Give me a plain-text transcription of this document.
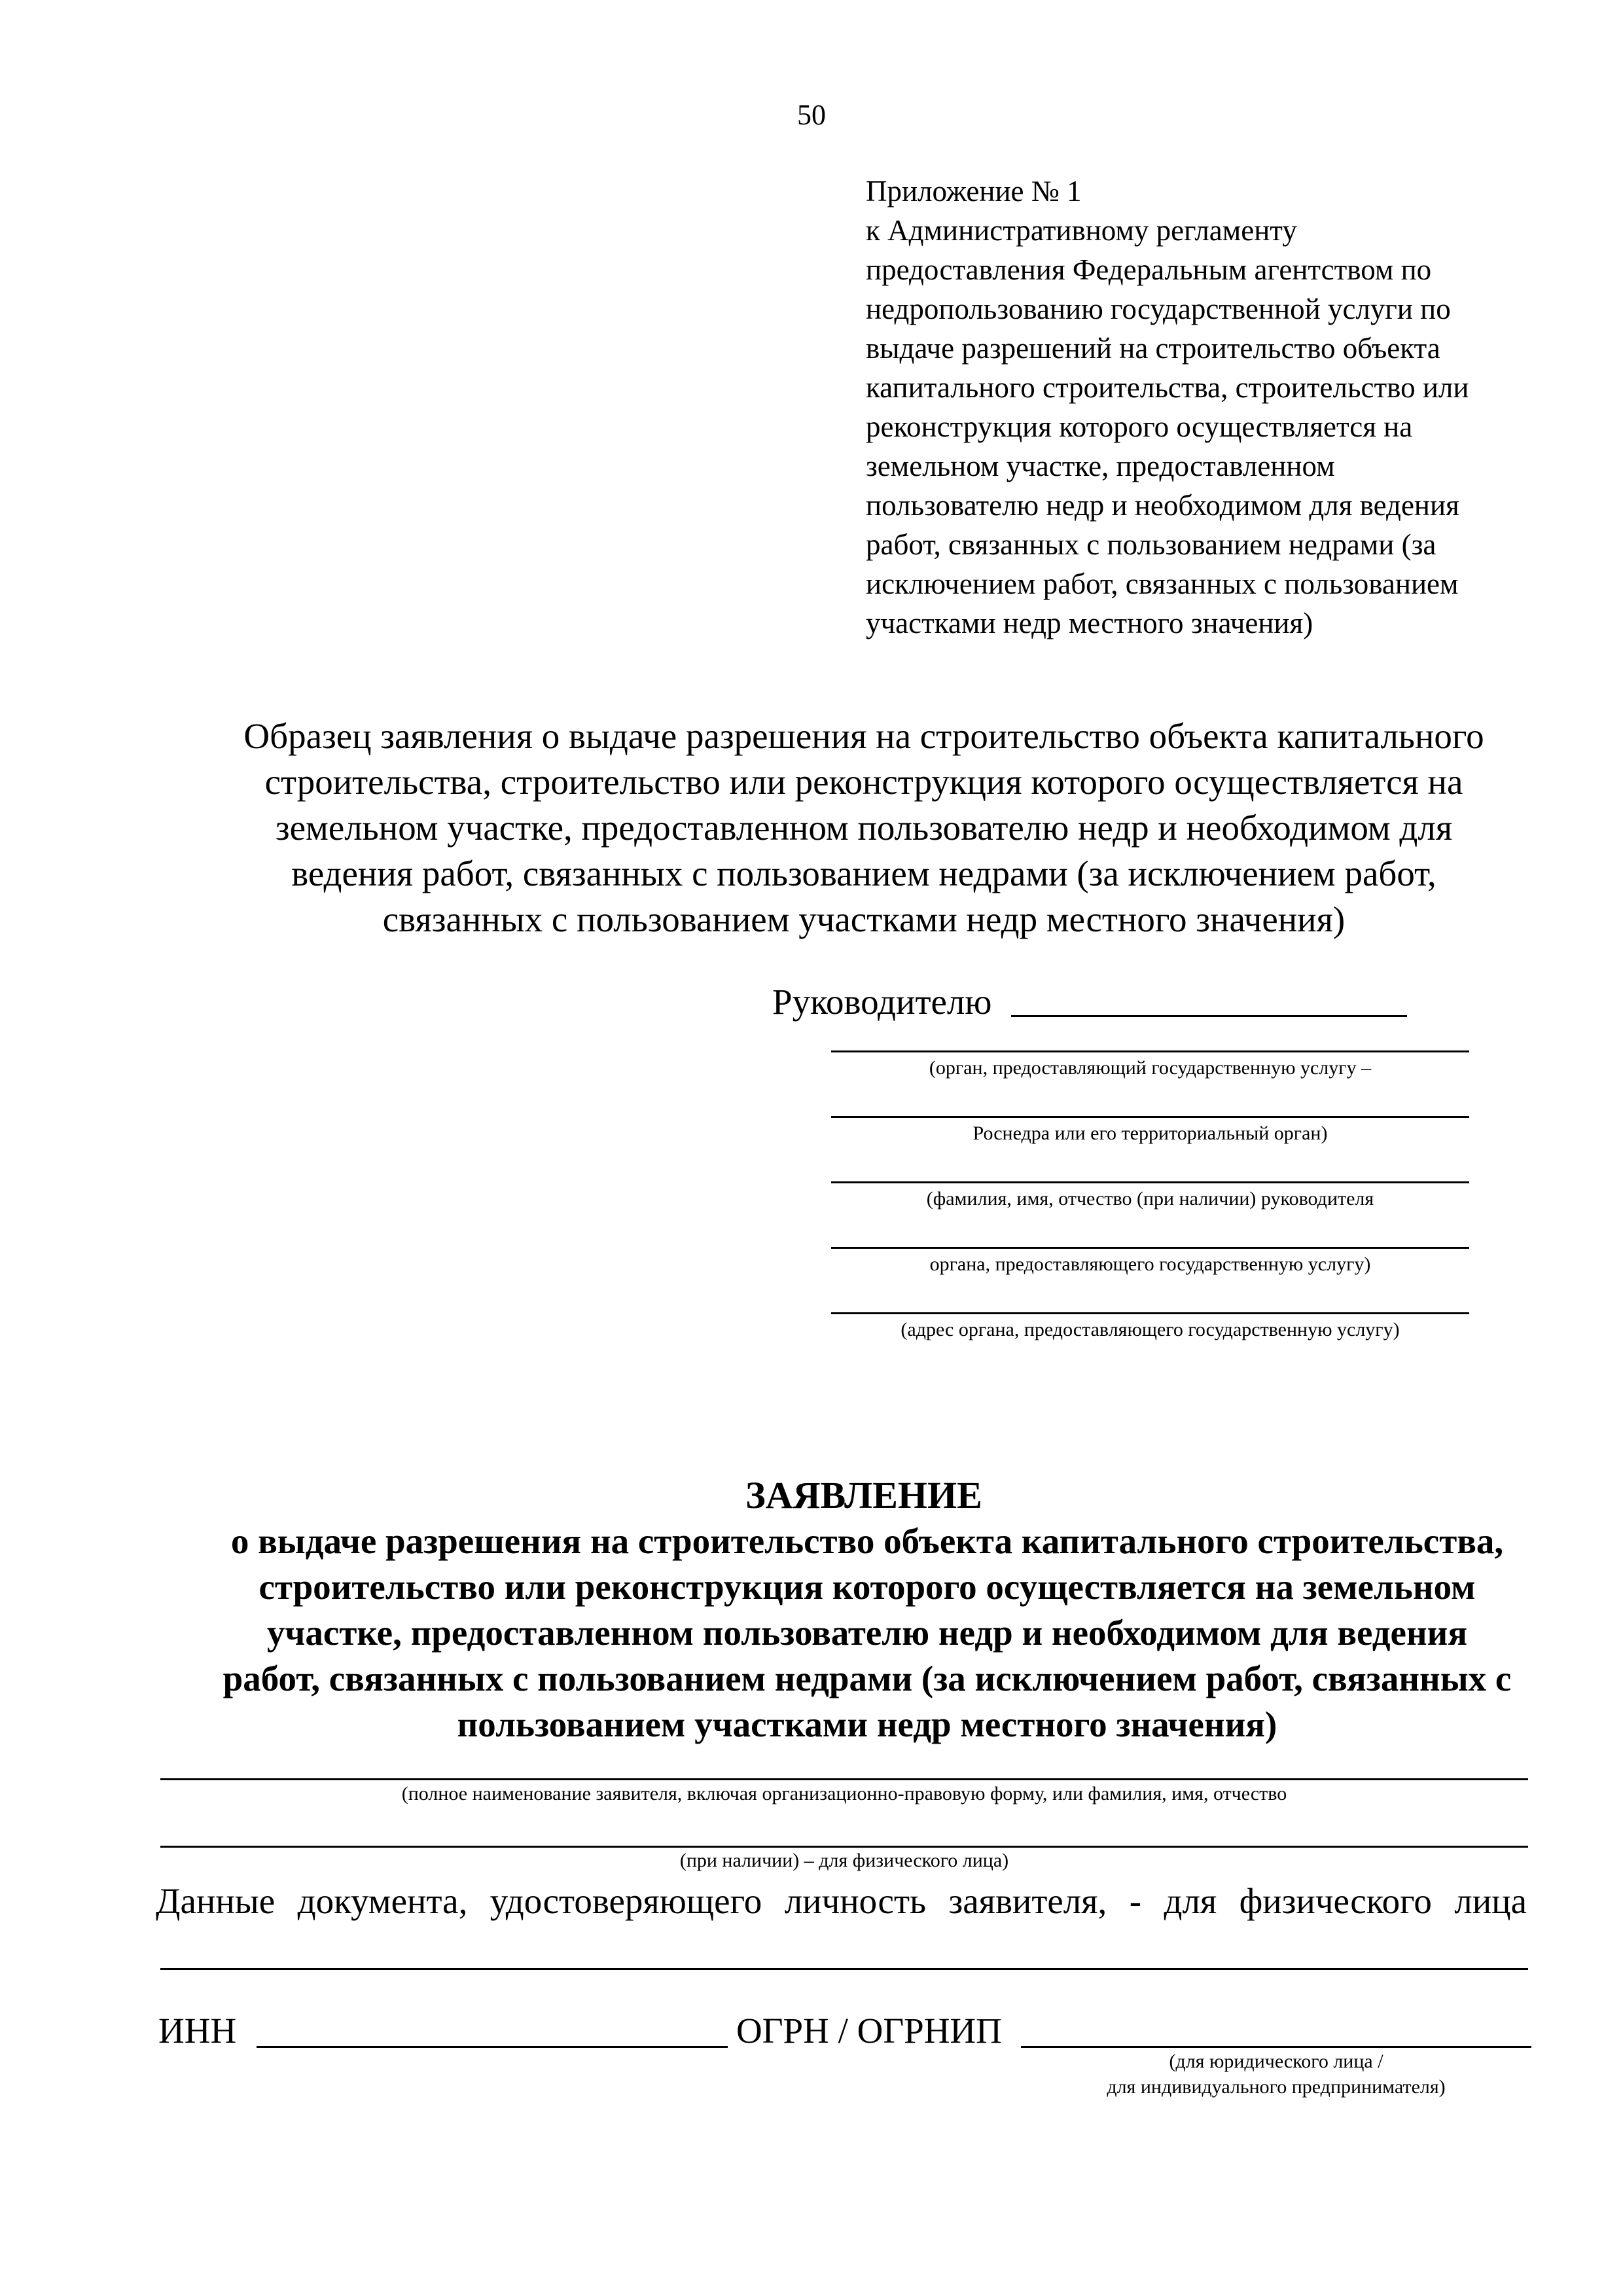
50
Приложение № 1
к Административному регламенту
предоставления Федеральным агентством по
недропользованию государственной услуги по
выдаче разрешений на строительство объекта
капитального строительства, строительство или
реконструкция которого осуществляется на
земельном участке, предоставленном
пользователю недр и необходимом для ведения
работ, связанных с пользованием недрами (за
исключением работ, связанных с пользованием
участками недр местного значения)
Образец заявления о выдаче разрешения на строительство объекта капитального
строительства, строительство или реконструкция которого осуществляется на
земельном участке, предоставленном пользователю недр и необходимом для
ведения работ, связанных с пользованием недрами (за исключением работ,
связанных с пользованием участками недр местного значения)
Руководителю
(орган, предоставляющий государственную услугу –
Роснедра или его территориальный орган)
(фамилия, имя, отчество (при наличии) руководителя
органа, предоставляющего государственную услугу)
(адрес органа, предоставляющего государственную услугу)
ЗАЯВЛЕНИЕ
о выдаче разрешения на строительство объекта капитального строительства,
строительство или реконструкция которого осуществляется на земельном
участке, предоставленном пользователю недр и необходимом для ведения
работ, связанных с пользованием недрами (за исключением работ, связанных с
пользованием участками недр местного значения)
(полное наименование заявителя, включая организационно-правовую форму, или фамилия, имя, отчество
(при наличии) – для физического лица)
Данные документа, удостоверяющего личность заявителя, - для физического лица
ИНН	ОГРН / ОГРНИП
(для юридического лица /
для индивидуального предпринимателя)
